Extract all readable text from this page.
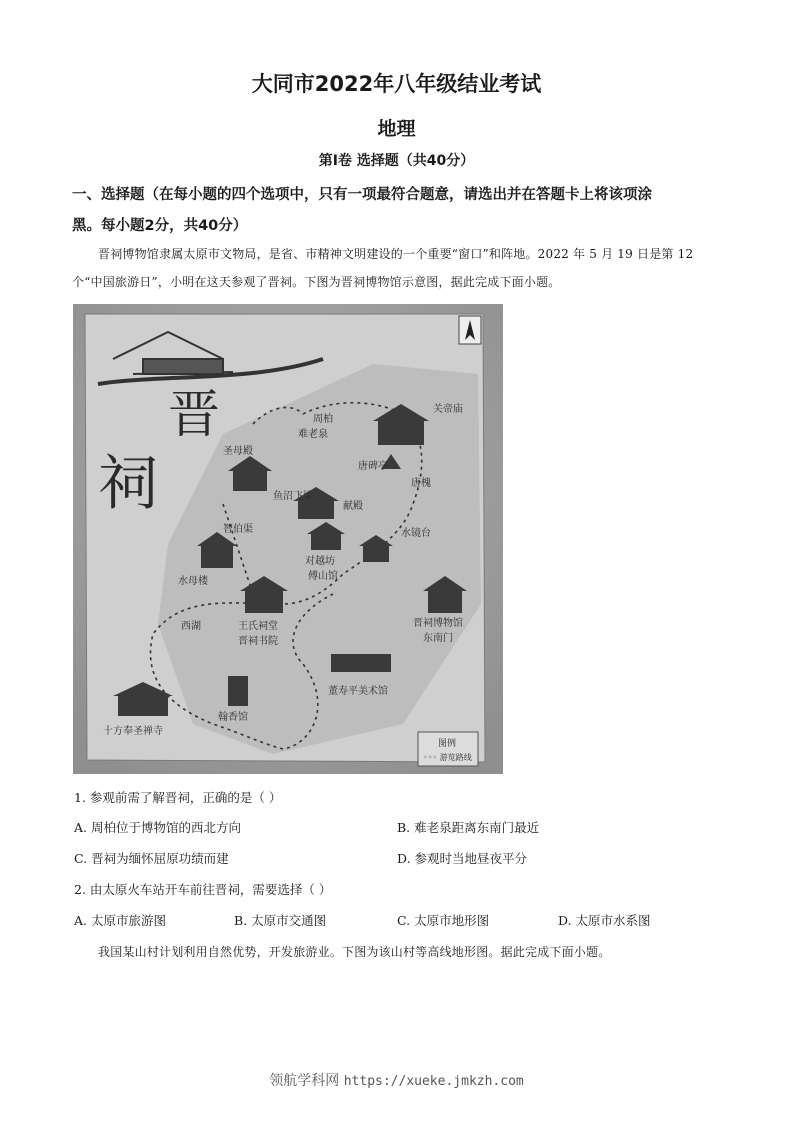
大同市2022年八年级结业考试
地理
第Ⅰ卷 选择题（共40分）
一、选择题（在每小题的四个选项中，只有一项最符合题意，请选出并在答题卡上将该项涂
黑。每小题2分，共40分）
晋祠博物馆隶属太原市文物局，是省、市精神文明建设的一个重要“窗口”和阵地。2022 年 5 月 19 日是第 12 个“中国旅游日”，小明在这天参观了晋祠。下图为晋祠博物馆示意图，据此完成下面小题。
晋
祠
周柏
难老泉
关帝庙
圣母殿
鱼沼飞梁
献殿
唐碑亭
唐槐
水镜台
对越坊
傅山馆
水母楼
智伯渠
西湖	王氏祠堂
晋祠书院
晋祠博物馆
东南门
董寿平美术馆
十方奉圣禅寺
翰香馆
图例
◦◦◦ 游览路线
1. 参观前需了解晋祠，正确的是（ ）
A. 周柏位于博物馆的西北方向	B. 难老泉距离东南门最近
C. 晋祠为缅怀屈原功绩而建	D. 参观时当地昼夜平分
2. 由太原火车站开车前往晋祠，需要选择（ ）
A. 太原市旅游图	B. 太原市交通图	C. 太原市地形图	D. 太原市水系图
我国某山村计划利用自然优势，开发旅游业。下图为该山村等高线地形图。据此完成下面小题。
领航学科网 https://xueke.jmkzh.com
